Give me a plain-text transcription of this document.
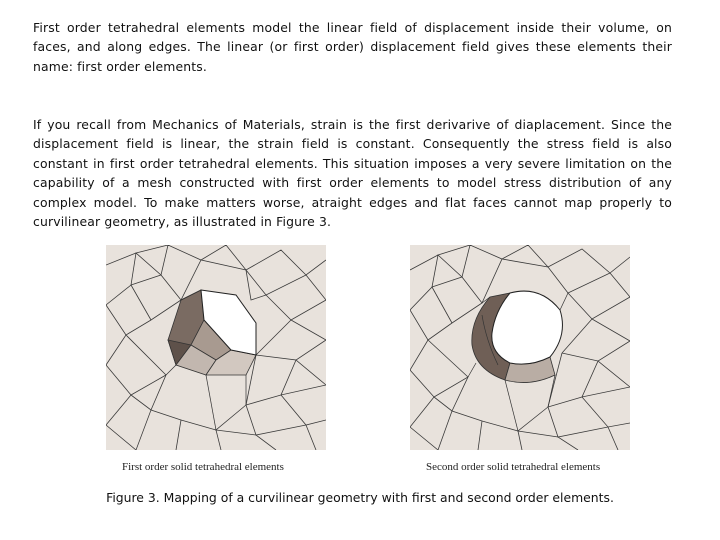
First order tetrahedral elements model the linear field of displacement inside their volume, on faces, and along edges. The linear (or first order) displacement field gives these elements their name: first order elements.

If you recall from Mechanics of Materials, strain is the first derivarive of diaplacement. Since the displacement field is linear, the strain field is constant. Consequently the stress field is also constant in first order tetrahedral elements. This situation imposes a very severe limitation on the capability of a mesh constructed with first order elements to model stress distribution of any complex model. To make matters worse, atraight edges and flat faces cannot map properly to curvilinear geometry, as illustrated in Figure 3.

First order solid tetrahedral elements	Second order solid tetrahedral elements
Figure 3. Mapping of a curvilinear geometry with first and second order elements.
